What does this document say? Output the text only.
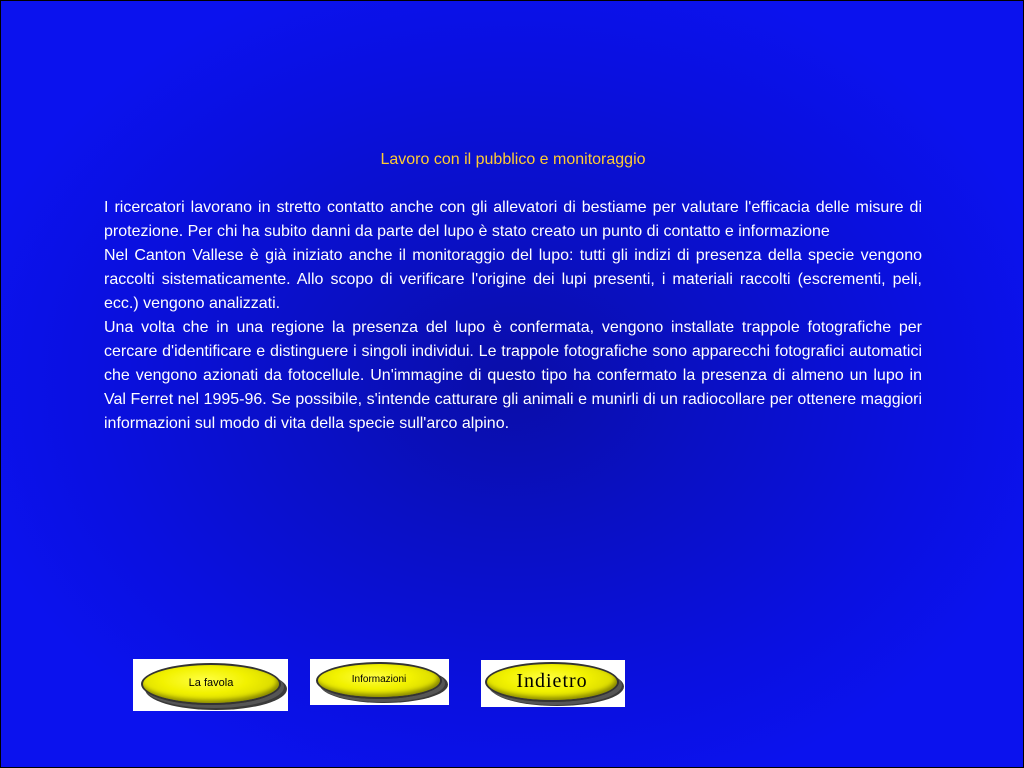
Lavoro con il pubblico e monitoraggio

I ricercatori lavorano in stretto contatto anche con gli allevatori di bestiame per valutare l'efficacia delle misure di protezione. Per chi ha subito danni da parte del lupo è stato creato un punto di contatto e informazione

Nel Canton Vallese è già iniziato anche il monitoraggio del lupo: tutti gli indizi di presenza della specie vengono raccolti sistematicamente. Allo scopo di verificare l'origine dei lupi presenti, i materiali raccolti (escrementi, peli, ecc.) vengono analizzati.

Una volta che in una regione la presenza del lupo è confermata, vengono installate trappole fotografiche per cercare d'identificare e distinguere i singoli individui. Le trappole fotografiche sono apparecchi fotografici automatici che vengono azionati da fotocellule. Un'immagine di questo tipo ha confermato la presenza di almeno un lupo in Val Ferret nel 1995-96. Se possibile, s'intende catturare gli animali e munirli di un radiocollare per ottenere maggiori informazioni sul modo di vita della specie sull'arco alpino.

La favola	Informazioni	Indietro
